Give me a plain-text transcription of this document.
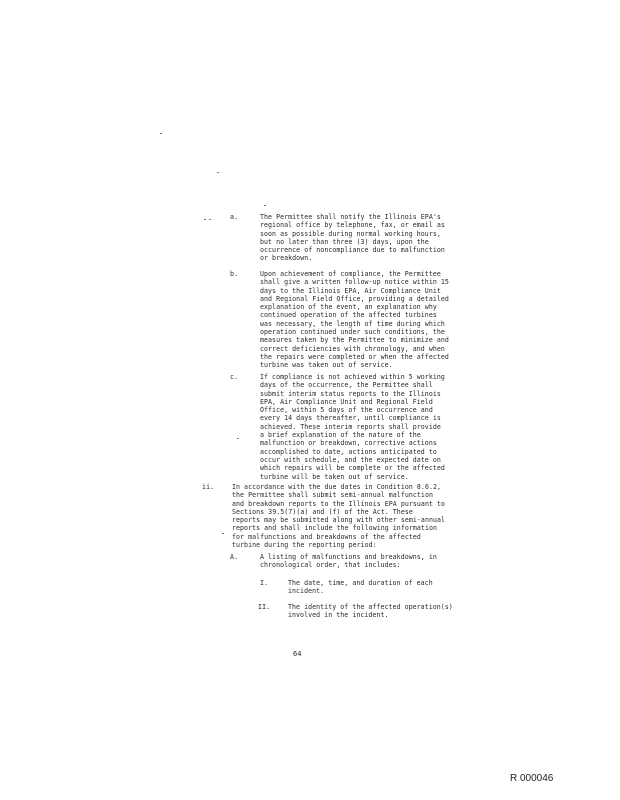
a.	The Permittee shall notify the Illinois EPA's
regional office by telephone, fax, or email as
soon as possible during normal working hours,
but no later than three (3) days, upon the
occurrence of noncompliance due to malfunction
or breakdown.
b.	Upon achievement of compliance, the Permittee
shall give a written follow-up notice within 15
days to the Illinois EPA, Air Compliance Unit
and Regional Field Office, providing a detailed
explanation of the event, an explanation why
continued operation of the affected turbines
was necessary, the length of time during which
operation continued under such conditions, the
measures taken by the Permittee to minimize and
correct deficiencies with chronology, and when
the repairs were completed or when the affected
turbine was taken out of service.
c.	If compliance is not achieved within 5 working
days of the occurrence, the Permittee shall
submit interim status reports to the Illinois
EPA, Air Compliance Unit and Regional Field
Office, within 5 days of the occurrence and
every 14 days thereafter, until compliance is
achieved. These interim reports shall provide
a brief explanation of the nature of the
malfunction or breakdown, corrective actions
accomplished to date, actions anticipated to
occur with schedule, and the expected date on
which repairs will be complete or the affected
turbine will be taken out of service.
ii.	In accordance with the due dates in Condition 8.6.2,
the Permittee shall submit semi-annual malfunction
and breakdown reports to the Illinois EPA pursuant to
Sections 39.5(7)(a) and (f) of the Act. These
reports may be submitted along with other semi-annual
reports and shall include the following information
for malfunctions and breakdowns of the affected
turbine during the reporting period:
A.	A listing of malfunctions and breakdowns, in
chronological order, that includes:
I.	The date, time, and duration of each
incident.
II.	The identity of the affected operation(s)
involved in the incident.
64
R 000046
